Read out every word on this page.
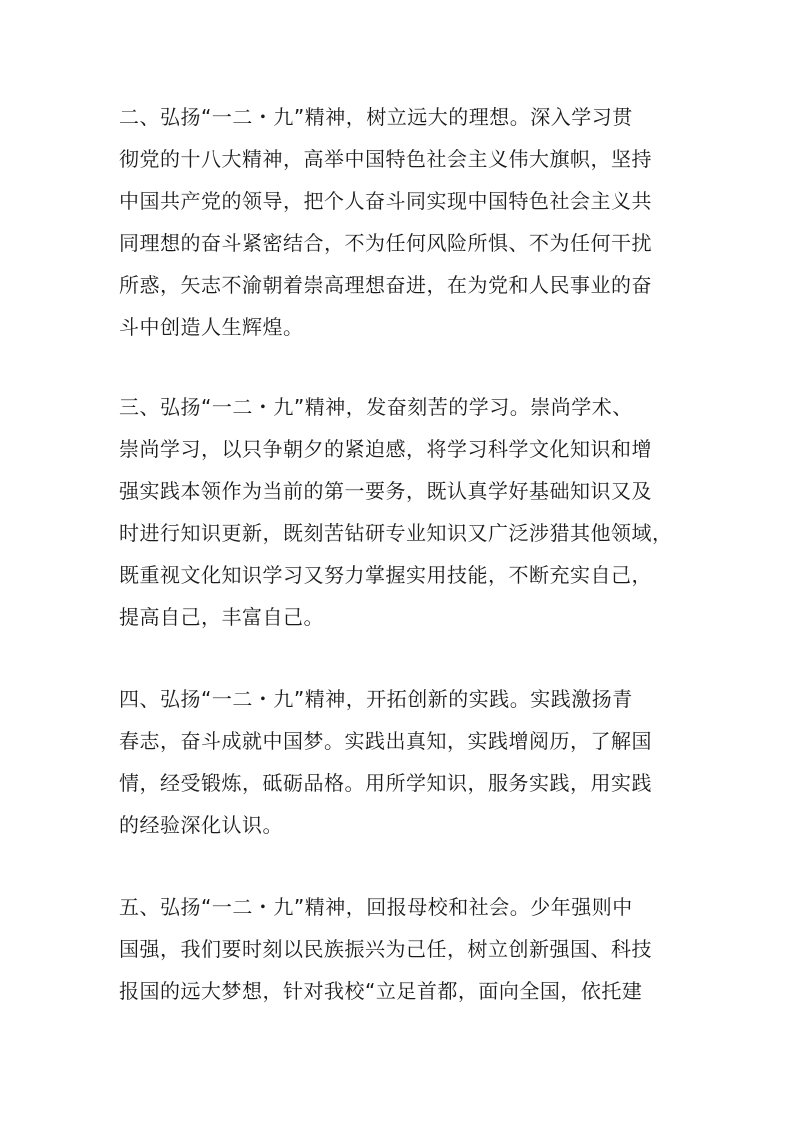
二、弘扬“一二・九”精神，树立远大的理想。深入学习贯
彻党的十八大精神，高举中国特色社会主义伟大旗帜，坚持
中国共产党的领导，把个人奋斗同实现中国特色社会主义共
同理想的奋斗紧密结合，不为任何风险所惧、不为任何干扰
所惑，矢志不渝朝着崇高理想奋进，在为党和人民事业的奋
斗中创造人生辉煌。
三、弘扬“一二・九”精神，发奋刻苦的学习。崇尚学术、
崇尚学习，以只争朝夕的紧迫感，将学习科学文化知识和增
强实践本领作为当前的第一要务，既认真学好基础知识又及
时进行知识更新，既刻苦钻研专业知识又广泛涉猎其他领域，
既重视文化知识学习又努力掌握实用技能，不断充实自己，
提高自己，丰富自己。
四、弘扬“一二・九”精神，开拓创新的实践。实践激扬青
春志，奋斗成就中国梦。实践出真知，实践增阅历，了解国
情，经受锻炼，砥砺品格。用所学知识，服务实践，用实践
的经验深化认识。
五、弘扬“一二・九”精神，回报母校和社会。少年强则中
国强，我们要时刻以民族振兴为己任，树立创新强国、科技
报国的远大梦想，针对我校“立足首都，面向全国，依托建
